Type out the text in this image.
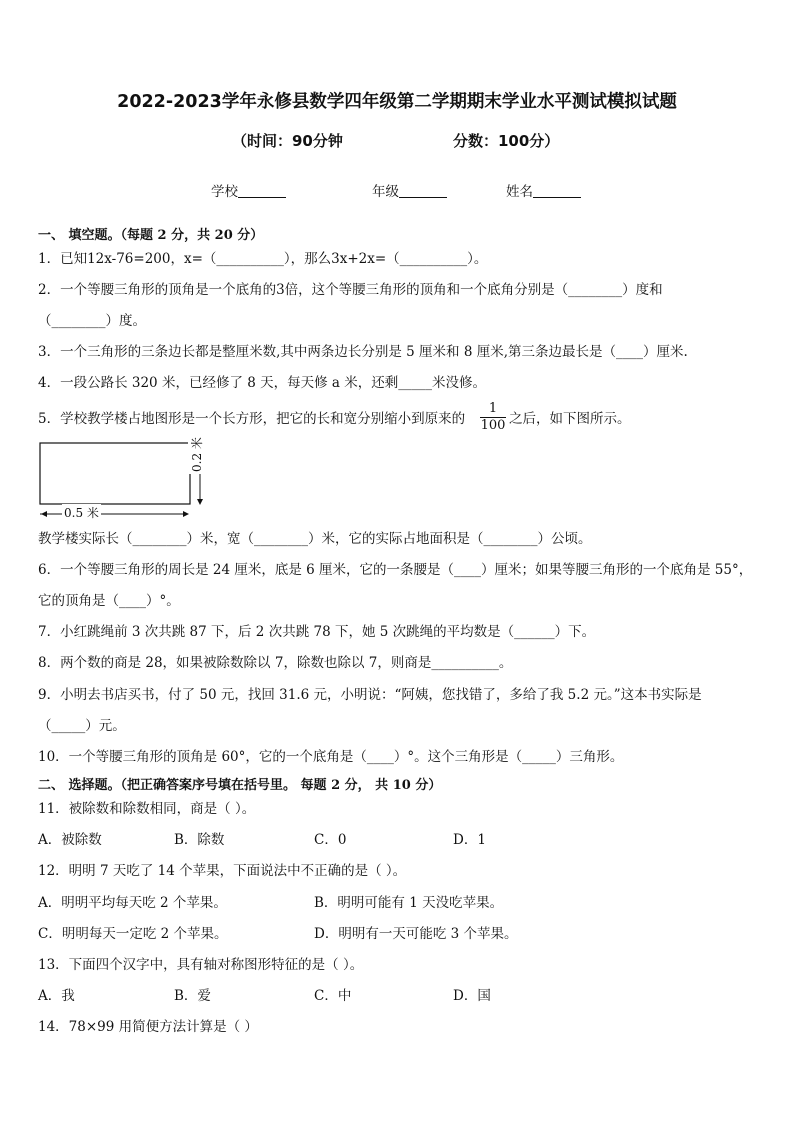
2022-2023学年永修县数学四年级第二学期期末学业水平测试模拟试题
（时间：90分钟	分数：100分）
学校	年级	姓名
一、 填空题。（每题 2 分，共 20 分）
1．已知12x-76=200，x=（__________），那么3x+2x=（__________）。
2．一个等腰三角形的顶角是一个底角的3倍，这个等腰三角形的顶角和一个底角分别是（________）度和
（________）度。
3．一个三角形的三条边长都是整厘米数,其中两条边长分别是 5 厘米和 8 厘米,第三条边最长是（____）厘米.
4．一段公路长 320 米，已经修了 8 天，每天修 a 米，还剩_____米没修。
5．学校教学楼占地图形是一个长方形，把它的长和宽分别缩小到原来的 $\frac{1}{100}$ 之后，如下图所示。
0.5 米
0.2 米
教学楼实际长（________）米，宽（________）米，它的实际占地面积是（________）公顷。
6．一个等腰三角形的周长是 24 厘米，底是 6 厘米，它的一条腰是（____）厘米；如果等腰三角形的一个底角是 55°，
它的顶角是（____）°。
7．小红跳绳前 3 次共跳 87 下，后 2 次共跳 78 下，她 5 次跳绳的平均数是（______）下。
8．两个数的商是 28，如果被除数除以 7，除数也除以 7，则商是__________。
9．小明去书店买书，付了 50 元，找回 31.6 元，小明说：“阿姨，您找错了，多给了我 5.2 元。”这本书实际是
（_____）元。
10．一个等腰三角形的顶角是 60°，它的一个底角是（____）°。这个三角形是（_____）三角形。
二、 选择题。（把正确答案序号填在括号里。 每题 2 分， 共 10 分）
11．被除数和除数相同，商是（ ）。
A．被除数	B．除数	C．0	D．1
12．明明 7 天吃了 14 个苹果，下面说法中不正确的是（ ）。
A．明明平均每天吃 2 个苹果。	B．明明可能有 1 天没吃苹果。
C．明明每天一定吃 2 个苹果。	D．明明有一天可能吃 3 个苹果。
13．下面四个汉字中，具有轴对称图形特征的是（ ）。
A．我	B．爱	C．中	D．国
14．78×99 用简便方法计算是（ ）
